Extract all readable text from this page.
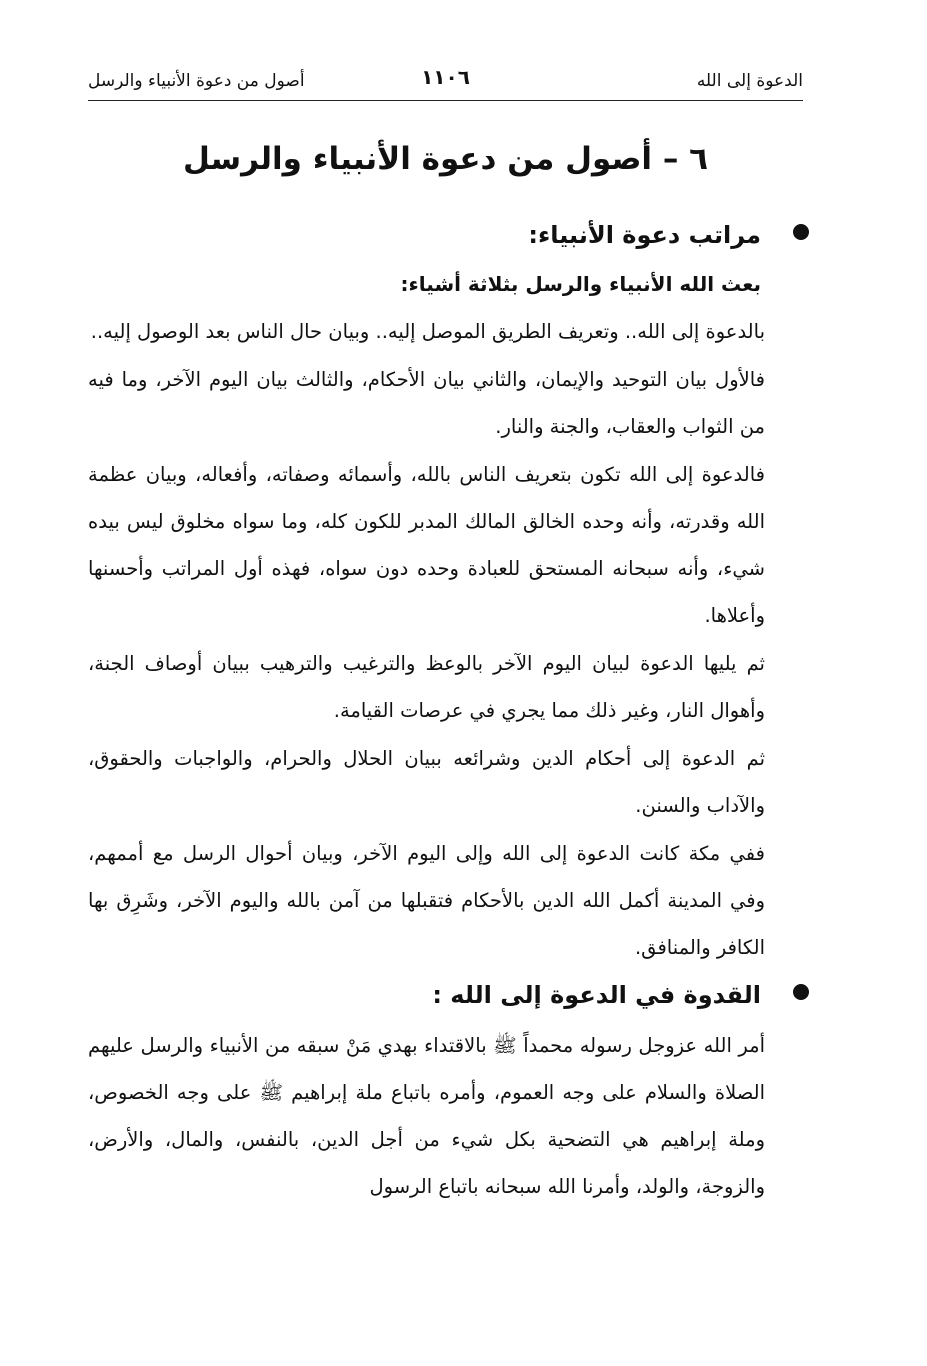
الدعوة إلى الله
١١٠٦
أصول من دعوة الأنبياء والرسل
٦ – أصول من دعوة الأنبياء والرسل
مراتب دعوة الأنبياء:
بعث الله الأنبياء والرسل بثلاثة أشياء:
بالدعوة إلى الله.. وتعريف الطريق الموصل إليه.. وبيان حال الناس بعد الوصول إليه..
فالأول بيان التوحيد والإيمان، والثاني بيان الأحكام، والثالث بيان اليوم الآخر، وما فيه من الثواب والعقاب، والجنة والنار.
فالدعوة إلى الله تكون بتعريف الناس بالله، وأسمائه وصفاته، وأفعاله، وبيان عظمة الله وقدرته، وأنه وحده الخالق المالك المدبر للكون كله، وما سواه مخلوق ليس بيده شيء، وأنه سبحانه المستحق للعبادة وحده دون سواه، فهذه أول المراتب وأحسنها وأعلاها.
ثم يليها الدعوة لبيان اليوم الآخر بالوعظ والترغيب والترهيب ببيان أوصاف الجنة، وأهوال النار، وغير ذلك مما يجري في عرصات القيامة.
ثم الدعوة إلى أحكام الدين وشرائعه ببيان الحلال والحرام، والواجبات والحقوق، والآداب والسنن.
ففي مكة كانت الدعوة إلى الله وإلى اليوم الآخر، وبيان أحوال الرسل مع أممهم، وفي المدينة أكمل الله الدين بالأحكام فتقبلها من آمن بالله واليوم الآخر، وشَرِق بها الكافر والمنافق.
القدوة في الدعوة إلى الله :
أمر الله عزوجل رسوله محمداً ﷺ بالاقتداء بهدي مَنْ سبقه من الأنبياء والرسل عليهم الصلاة والسلام على وجه العموم، وأمره باتباع ملة إبراهيم ﷺ على وجه الخصوص، وملة إبراهيم هي التضحية بكل شيء من أجل الدين، بالنفس، والمال، والأرض، والزوجة، والولد، وأمرنا الله سبحانه باتباع الرسول
